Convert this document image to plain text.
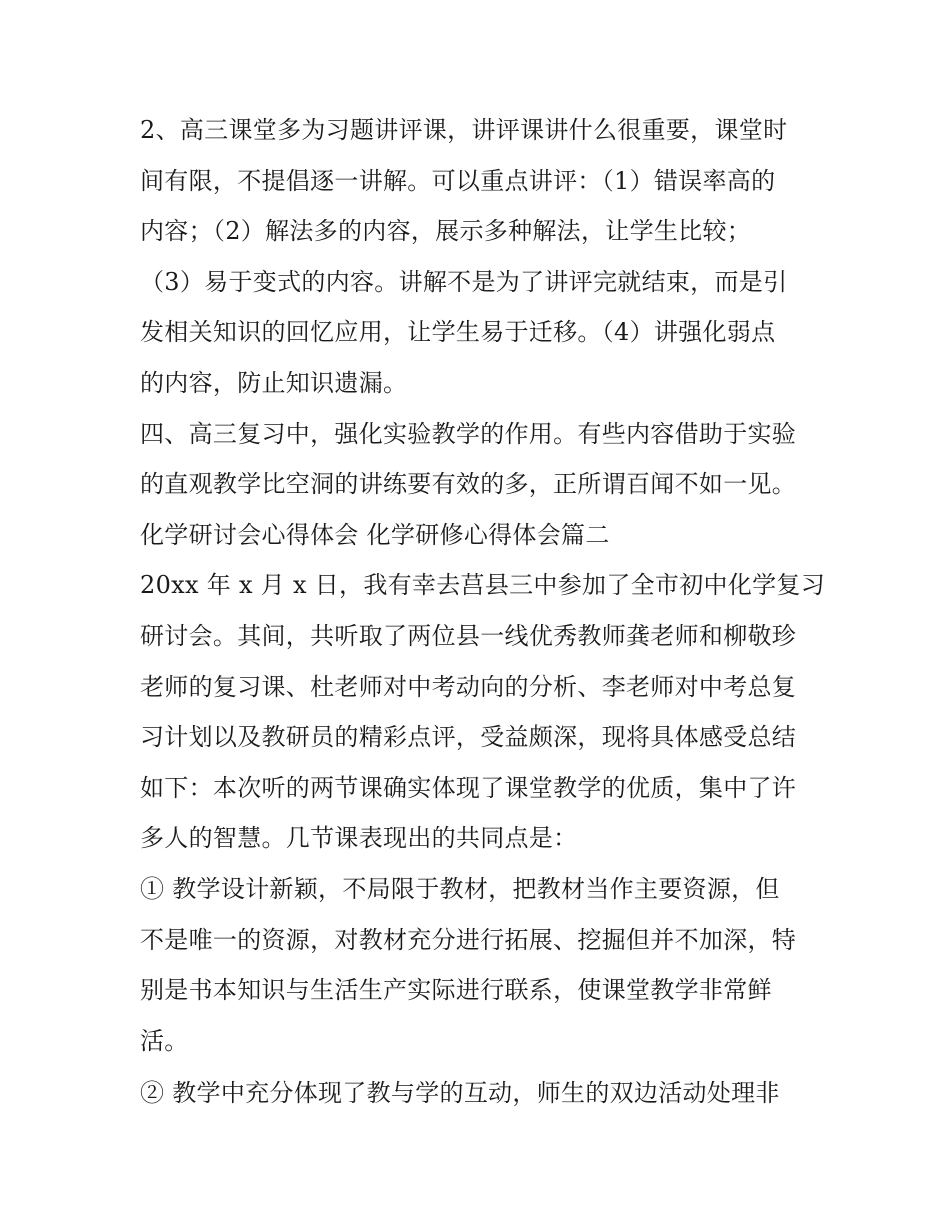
2、高三课堂多为习题讲评课，讲评课讲什么很重要，课堂时
间有限，不提倡逐一讲解。可以重点讲评：（1）错误率高的
内容；（2）解法多的内容，展示多种解法，让学生比较；
（3）易于变式的内容。讲解不是为了讲评完就结束，而是引
发相关知识的回忆应用，让学生易于迁移。（4）讲强化弱点
的内容，防止知识遗漏。
四、高三复习中，强化实验教学的作用。有些内容借助于实验
的直观教学比空洞的讲练要有效的多，正所谓百闻不如一见。
化学研讨会心得体会 化学研修心得体会篇二
20xx 年 x 月 x 日，我有幸去莒县三中参加了全市初中化学复习
研讨会。其间，共听取了两位县一线优秀教师龚老师和柳敬珍
老师的复习课、杜老师对中考动向的分析、李老师对中考总复
习计划以及教研员的精彩点评，受益颇深，现将具体感受总结
如下：本次听的两节课确实体现了课堂教学的优质，集中了许
多人的智慧。几节课表现出的共同点是：
① 教学设计新颖，不局限于教材，把教材当作主要资源，但
不是唯一的资源，对教材充分进行拓展、挖掘但并不加深，特
别是书本知识与生活生产实际进行联系，使课堂教学非常鲜
活。
② 教学中充分体现了教与学的互动，师生的双边活动处理非
